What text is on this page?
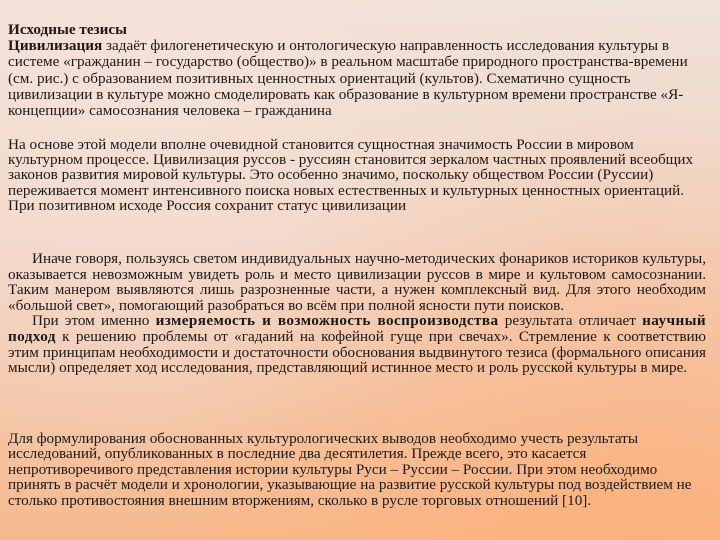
Исходные тезисы

Цивилизация задаёт филогенетическую и онтологическую направленность исследования культуры в системе «гражданин – государство (общество)» в реальном масштабе природного пространства-времени (см. рис.) с образованием позитивных ценностных ориентаций (культов). Схематично сущность цивилизации в культуре можно смоделировать как образование в культурном времени пространстве «Я-концепции» самосознания человека – гражданина

На основе этой модели вполне очевидной становится сущностная значимость России в мировом культурном процессе. Цивилизация руссов - руссиян становится зеркалом частных проявлений всеобщих законов развития мировой культуры. Это особенно значимо, поскольку обществом России (Руссии) переживается момент интенсивного поиска новых естественных и культурных ценностных ориентаций. При позитивном исходе Россия сохранит статус цивилизации

Иначе говоря, пользуясь светом индивидуальных научно-методических фонариков историков культуры, оказывается невозможным увидеть роль и место цивилизации руссов в мире и культовом самосознании. Таким манером выявляются лишь разрозненные части, а нужен комплексный вид. Для этого необходим «большой свет», помогающий разобраться во всём при полной ясности пути поисков.

При этом именно измеряемость и возможность воспроизводства результата отличает научный подход к решению проблемы от «гаданий на кофейной гуще при свечах». Стремление к соответствию этим принципам необходимости и достаточности обоснования выдвинутого тезиса (формального описания мысли) определяет ход исследования, представляющий истинное место и роль русской культуры в мире.

Для формулирования обоснованных культурологических выводов необходимо учесть результаты исследований, опубликованных в последние два десятилетия. Прежде всего, это касается непротиворечивого представления истории культуры Руси – Руссии – России. При этом необходимо принять в расчёт модели и хронологии, указывающие на развитие русской культуры под воздействием не столько противостояния внешним вторжениям, сколько в русле торговых отношений [10].
